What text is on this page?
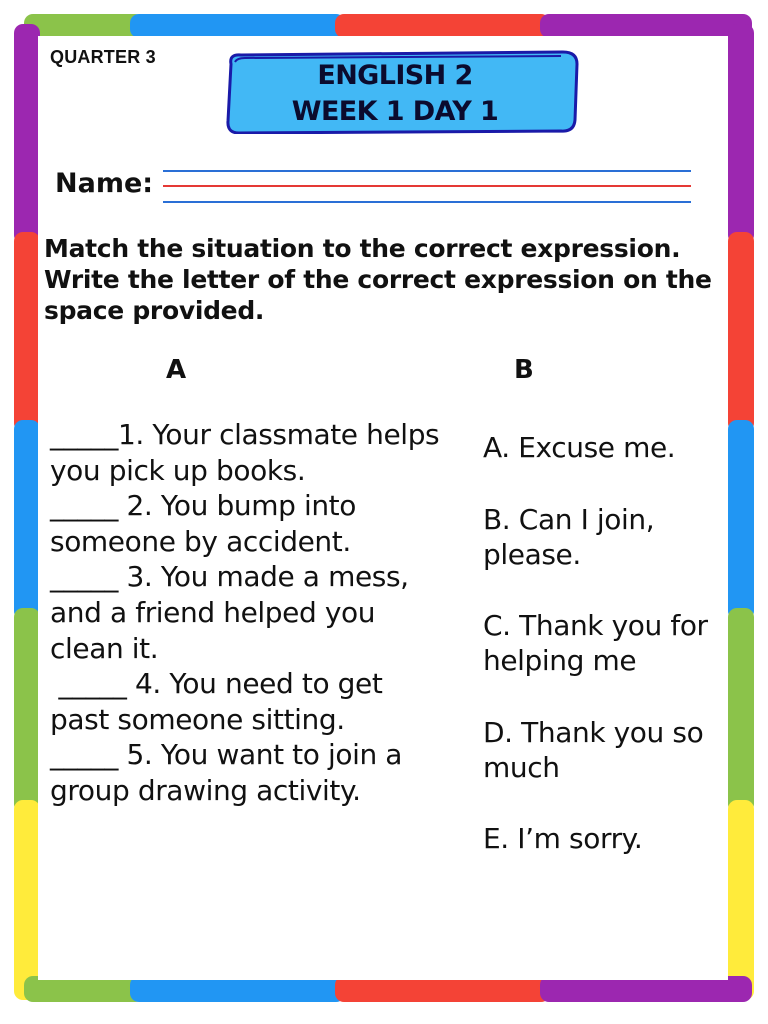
QUARTER 3
ENGLISH 2
WEEK 1 DAY 1
Name:
Match the situation to the correct expression. Write the letter of the correct expression on the space provided.
A	B

_____1. Your classmate helps you pick up books.

_____ 2. You bump into someone by accident.

_____ 3. You made a mess, and a friend helped you clean it.

_____ 4. You need to get past someone sitting.

_____ 5. You want to join a group drawing activity.

A. Excuse me.

B. Can I join, please.

C. Thank you for helping me

D. Thank you so much

E. I’m sorry.
